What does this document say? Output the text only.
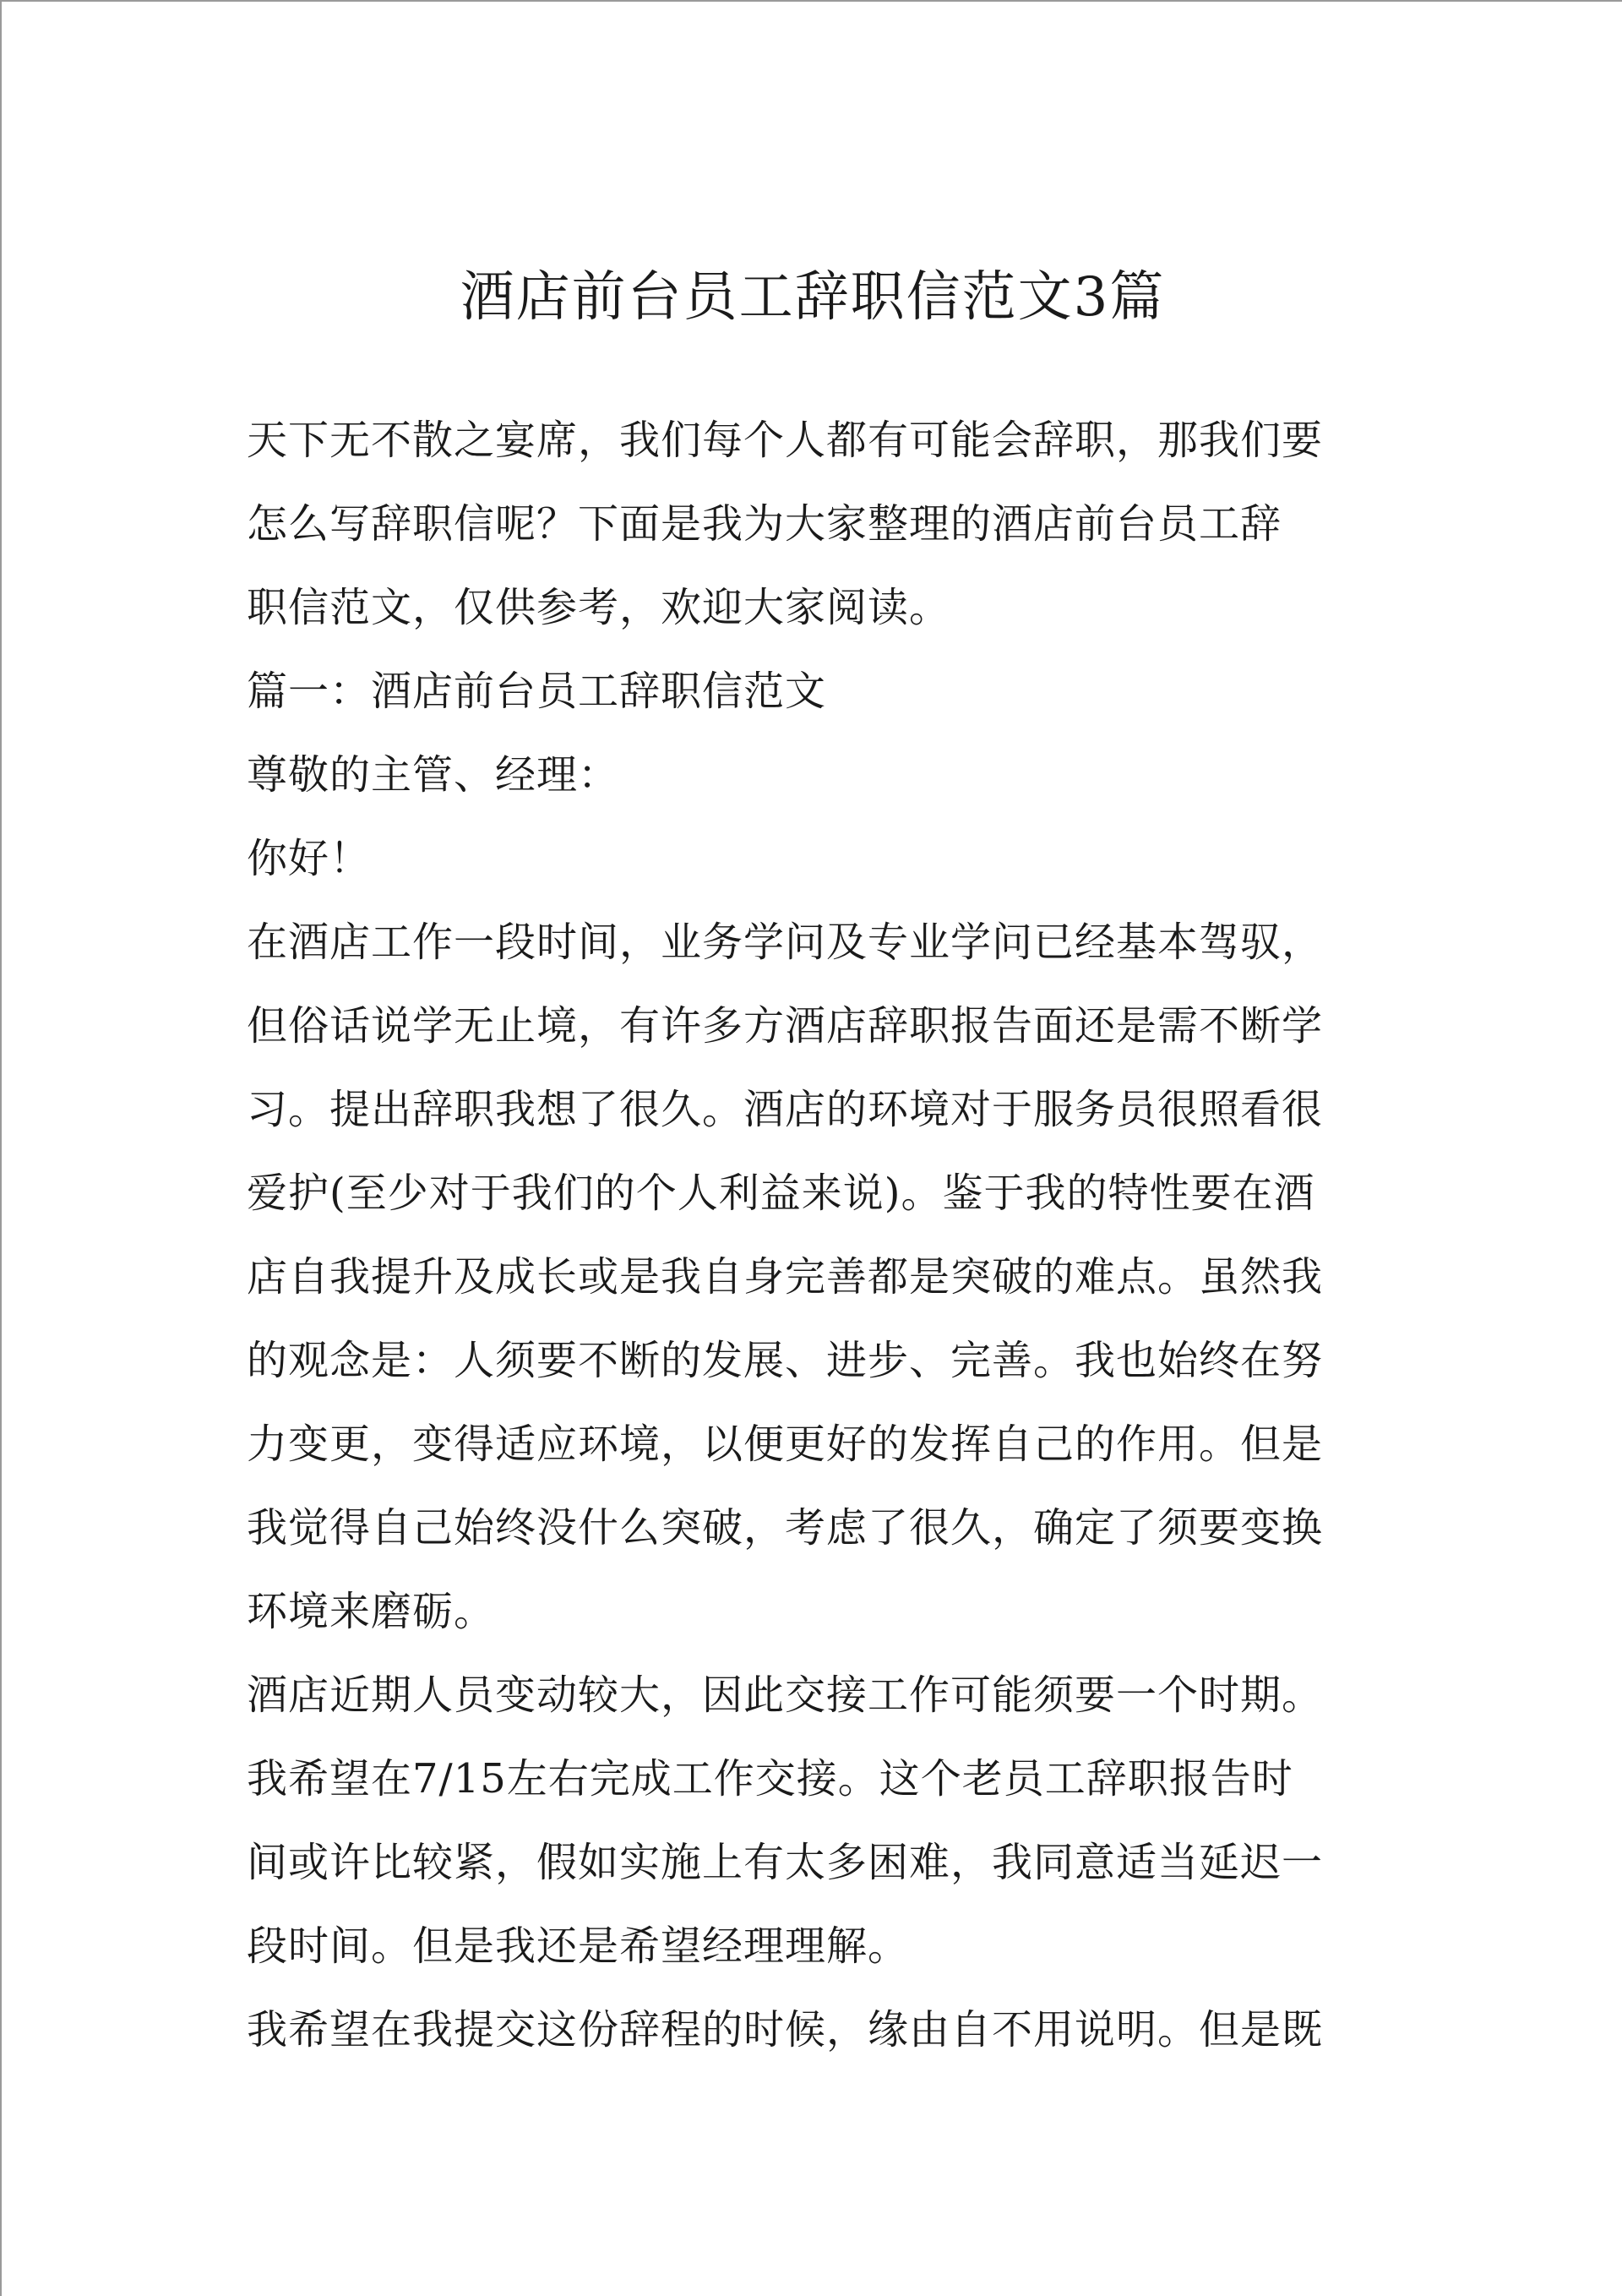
酒店前台员工辞职信范文3篇

天下无不散之宴席，我们每个人都有可能会辞职，那我们要

怎么写辞职信呢？下面是我为大家整理的酒店前台员工辞

职信范文，仅供参考，欢迎大家阅读。

篇一：酒店前台员工辞职信范文

尊敬的主管、经理：

你好！

在酒店工作一段时间，业务学问及专业学问已经基本驾驭，

但俗话说学无止境，有许多方酒店辞职报告面还是需不断学

习。提出辞职我想了很久。酒店的环境对于服务员很照看很

爱护(至少对于我们的个人利益来说)。鉴于我的特性要在酒

店自我提升及成长或是我自身完善都是突破的难点。虽然我

的观念是：人须要不断的发展、进步、完善。我也始终在努

力变更，变得适应环境，以便更好的发挥自己的作用。但是

我觉得自己始终没什么突破，考虑了很久，确定了须要变换

环境来磨砺。

酒店近期人员变动较大，因此交接工作可能须要一个时期。

我希望在7/15左右完成工作交接。这个老员工辞职报告时

间或许比较紧，假如实施上有太多困难，我同意适当延迟一

段时间。但是我还是希望经理理解。

我希望在我提交这份辞程的时候，缘由自不用说明。但是既
